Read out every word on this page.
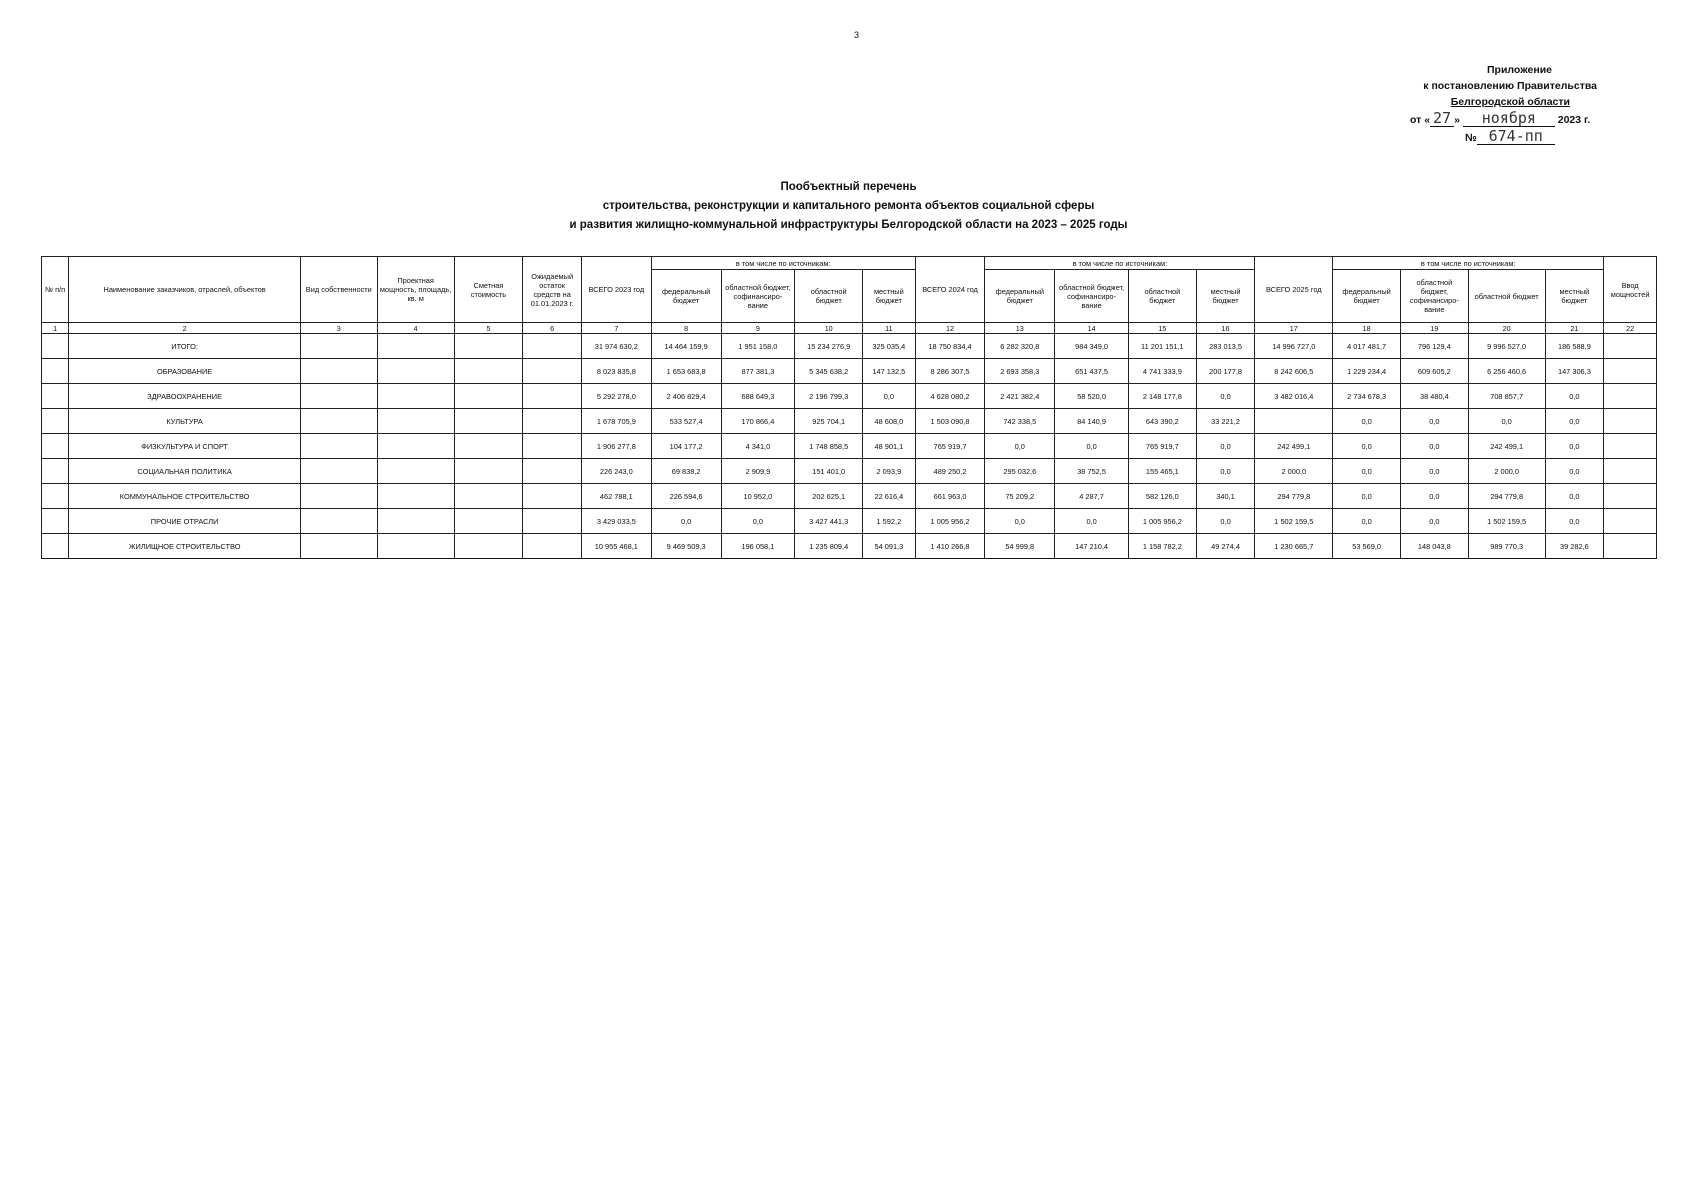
3
Приложение
к постановлению Правительства
Белгородской области
от « 27 » ноября 2023 г.
№ 674-пп
Пообъектный перечень
строительства, реконструкции и капитального ремонта объектов социальной сферы
и развития жилищно-коммунальной инфраструктуры Белгородской области на 2023 – 2025 годы
№ п/п	Наименование заказчиков, отраслей, объектов	Вид собственности	Проектная мощность, площадь, кв. м	Сметная стоимость	Ожидаемый остаток средств на 01.01.2023 г.	ВСЕГО 2023 год	в том числе по источникам:				ВСЕГО 2024 год	в том числе по источникам:				ВСЕГО 2025 год	в том числе по источникам:				Ввод мощностей
							федеральный бюджет	областной бюджет, софинансиро-вание	областной бюджет	местный бюджет		федеральный бюджет	областной бюджет, софинансиро-вание	областной бюджет	местный бюджет		федеральный бюджет	областной бюджет, софинансиро-вание	областной бюджет	местный бюджет	
1	2	3	4	5	6	7	8	9	10	11	12	13	14	15	16	17	18	19	20	21	22
	ИТОГО:					31 974 630,2	14 464 159,9	1 951 158,0	15 234 276,9	325 035,4	18 750 834,4	6 282 320,8	984 349,0	11 201 151,1	283 013,5	14 996 727,0	4 017 481,7	796 129,4	9 996 527,0	186 588,9	
	ОБРАЗОВАНИЕ					8 023 835,8	1 653 683,8	877 381,3	5 345 638,2	147 132,5	8 286 307,5	2 693 358,3	651 437,5	4 741 333,9	200 177,8	8 242 606,5	1 229 234,4	609 605,2	6 256 460,6	147 306,3	
	ЗДРАВООХРАНЕНИЕ					5 292 278,0	2 406 829,4	688 649,3	2 196 799,3	0,0	4 628 080,2	2 421 382,4	58 520,0	2 148 177,8	0,0	3 482 016,4	2 734 678,3	38 480,4	708 857,7	0,0	
	КУЛЬТУРА					1 678 705,9	533 527,4	170 866,4	925 704,1	48 608,0	1 503 090,8	742 338,5	84 140,9	643 390,2	33 221,2		0,0	0,0	0,0	0,0	
	ФИЗКУЛЬТУРА И СПОРТ					1 906 277,8	104 177,2	4 341,0	1 748 858,5	48 901,1	765 919,7	0,0	0,0	765 919,7	0,0	242 499,1	0,0	0,0	242 499,1	0,0	
	СОЦИАЛЬНАЯ ПОЛИТИКА					226 243,0	69 838,2	2 909,9	151 401,0	2 093,9	489 250,2	295 032,6	38 752,5	155 465,1	0,0	2 000,0	0,0	0,0	2 000,0	0,0	
	КОММУНАЛЬНОЕ СТРОИТЕЛЬСТВО					462 788,1	226 594,6	10 952,0	202 625,1	22 616,4	661 963,0	75 209,2	4 287,7	582 126,0	340,1	294 779,8	0,0	0,0	294 779,8	0,0	
	ПРОЧИЕ ОТРАСЛИ					3 429 033,5	0,0	0,0	3 427 441,3	1 592,2	1 005 956,2	0,0	0,0	1 005 956,2	0,0	1 502 159,5	0,0	0,0	1 502 159,5	0,0	
	ЖИЛИЩНОЕ СТРОИТЕЛЬСТВО					10 955 468,1	9 469 509,3	196 058,1	1 235 809,4	54 091,3	1 410 266,8	54 999,8	147 210,4	1 158 782,2	49 274,4	1 230 665,7	53 569,0	148 043,8	989 770,3	39 282,6	
